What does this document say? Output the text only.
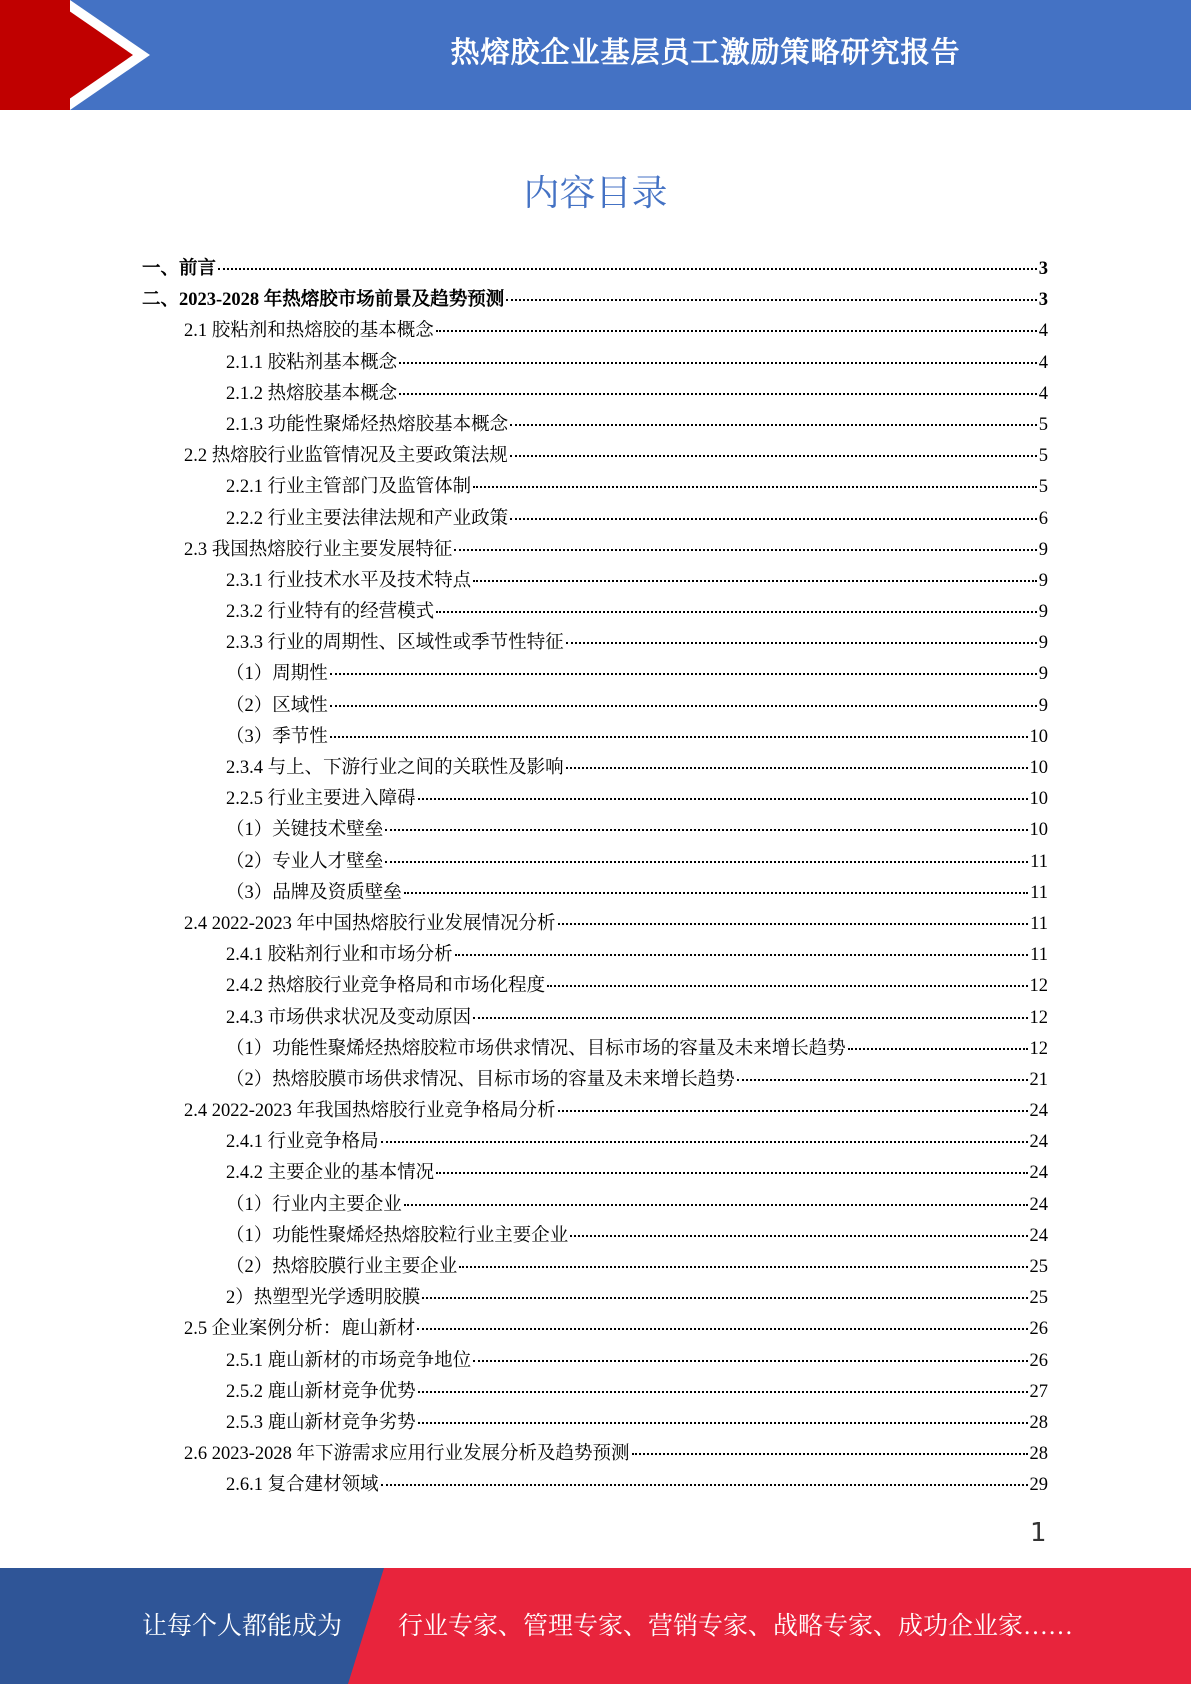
热熔胶企业基层员工激励策略研究报告
内容目录
一、前言	3
二、2023-2028 年热熔胶市场前景及趋势预测	3
2.1 胶粘剂和热熔胶的基本概念	4
2.1.1 胶粘剂基本概念	4
2.1.2 热熔胶基本概念	4
2.1.3 功能性聚烯烃热熔胶基本概念	5
2.2 热熔胶行业监管情况及主要政策法规	5
2.2.1 行业主管部门及监管体制	5
2.2.2 行业主要法律法规和产业政策	6
2.3 我国热熔胶行业主要发展特征	9
2.3.1 行业技术水平及技术特点	9
2.3.2 行业特有的经营模式	9
2.3.3 行业的周期性、区域性或季节性特征	9
（1）周期性	9
（2）区域性	9
（3）季节性	10
2.3.4 与上、下游行业之间的关联性及影响	10
2.2.5 行业主要进入障碍	10
（1）关键技术壁垒	10
（2）专业人才壁垒	11
（3）品牌及资质壁垒	11
2.4 2022-2023 年中国热熔胶行业发展情况分析	11
2.4.1 胶粘剂行业和市场分析	11
2.4.2 热熔胶行业竞争格局和市场化程度	12
2.4.3 市场供求状况及变动原因	12
（1）功能性聚烯烃热熔胶粒市场供求情况、目标市场的容量及未来增长趋势	12
（2）热熔胶膜市场供求情况、目标市场的容量及未来增长趋势	21
2.4 2022-2023 年我国热熔胶行业竞争格局分析	24
2.4.1 行业竞争格局	24
2.4.2 主要企业的基本情况	24
（1）行业内主要企业	24
（1）功能性聚烯烃热熔胶粒行业主要企业	24
（2）热熔胶膜行业主要企业	25
2）热塑型光学透明胶膜	25
2.5 企业案例分析：鹿山新材	26
2.5.1 鹿山新材的市场竞争地位	26
2.5.2 鹿山新材竞争优势	27
2.5.3 鹿山新材竞争劣势	28
2.6 2023-2028 年下游需求应用行业发展分析及趋势预测	28
2.6.1 复合建材领域	29
1
让每个人都能成为 行业专家、管理专家、营销专家、战略专家、成功企业家……
